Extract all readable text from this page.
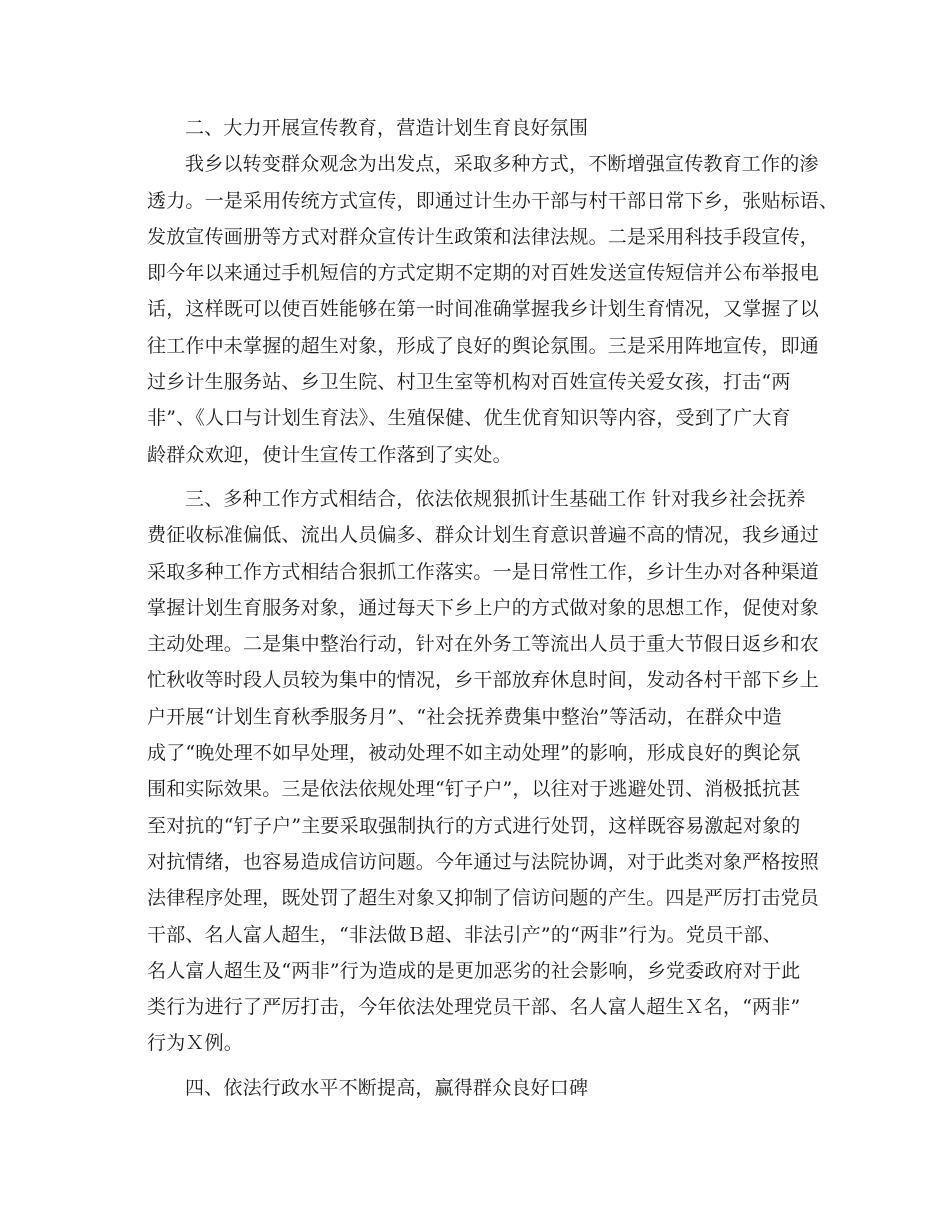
二、大力开展宣传教育，营造计划生育良好氛围
我乡以转变群众观念为出发点，采取多种方式，不断增强宣传教育工作的渗
透力。一是采用传统方式宣传，即通过计生办干部与村干部日常下乡，张贴标语、
发放宣传画册等方式对群众宣传计生政策和法律法规。二是采用科技手段宣传，
即今年以来通过手机短信的方式定期不定期的对百姓发送宣传短信并公布举报电
话，这样既可以使百姓能够在第一时间准确掌握我乡计划生育情况，又掌握了以
往工作中未掌握的超生对象，形成了良好的舆论氛围。三是采用阵地宣传，即通
过乡计生服务站、乡卫生院、村卫生室等机构对百姓宣传关爱女孩，打击“两
非”、《人口与计划生育法》、生殖保健、优生优育知识等内容，受到了广大育
龄群众欢迎，使计生宣传工作落到了实处。
三、多种工作方式相结合，依法依规狠抓计生基础工作 针对我乡社会抚养
费征收标准偏低、流出人员偏多、群众计划生育意识普遍不高的情况，我乡通过
采取多种工作方式相结合狠抓工作落实。一是日常性工作，乡计生办对各种渠道
掌握计划生育服务对象，通过每天下乡上户的方式做对象的思想工作，促使对象
主动处理。二是集中整治行动，针对在外务工等流出人员于重大节假日返乡和农
忙秋收等时段人员较为集中的情况，乡干部放弃休息时间，发动各村干部下乡上
户开展“计划生育秋季服务月”、“社会抚养费集中整治”等活动，在群众中造
成了“晚处理不如早处理，被动处理不如主动处理”的影响，形成良好的舆论氛
围和实际效果。三是依法依规处理“钉子户”，以往对于逃避处罚、消极抵抗甚
至对抗的“钉子户”主要采取强制执行的方式进行处罚，这样既容易激起对象的
对抗情绪，也容易造成信访问题。今年通过与法院协调，对于此类对象严格按照
法律程序处理，既处罚了超生对象又抑制了信访问题的产生。四是严厉打击党员
干部、名人富人超生，“非法做Ｂ超、非法引产”的“两非”行为。党员干部、
名人富人超生及“两非”行为造成的是更加恶劣的社会影响，乡党委政府对于此
类行为进行了严厉打击，今年依法处理党员干部、名人富人超生Ｘ名，“两非”
行为Ｘ例。
四、依法行政水平不断提高，赢得群众良好口碑
